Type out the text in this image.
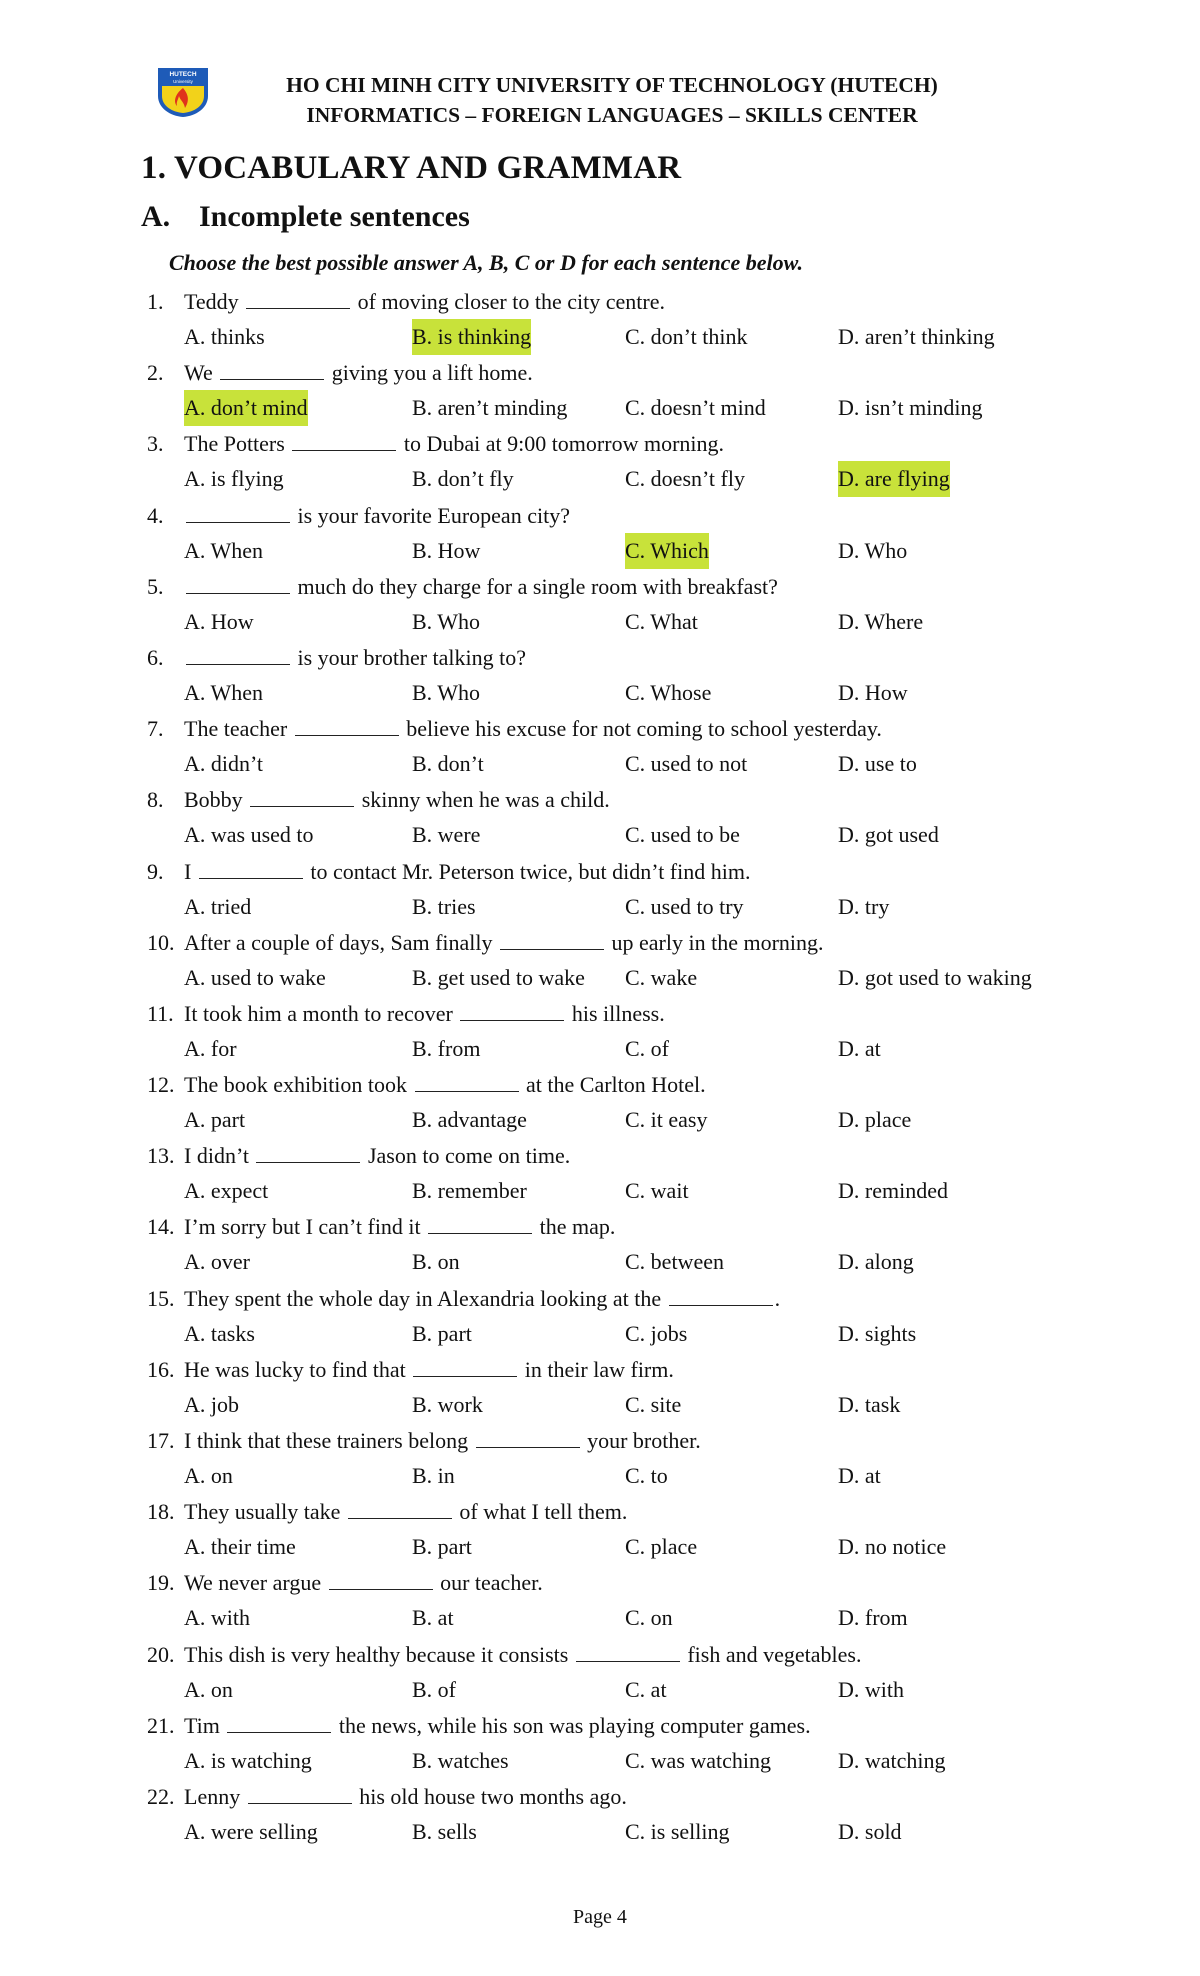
HUTECH
University	HO CHI MINH CITY UNIVERSITY OF TECHNOLOGY (HUTECH)
INFORMATICS – FOREIGN LANGUAGES – SKILLS CENTER
1. VOCABULARY AND GRAMMAR
A. Incomplete sentences
Choose the best possible answer A, B, C or D for each sentence below.
1. Teddy	of moving closer to the city centre.
A. thinks	B. is thinking	C. don’t think	D. aren’t thinking
2. We	giving you a lift home.
A. don’t mind	B. aren’t minding	C. doesn’t mind	D. isn’t minding
3. The Potters	to Dubai at 9:00 tomorrow morning.
A. is flying	B. don’t fly	C. doesn’t fly	D. are flying
4.	is your favorite European city?
A. When	B. How	C. Which	D. Who
5.	much do they charge for a single room with breakfast?
A. How	B. Who	C. What	D. Where
6.	is your brother talking to?
A. When	B. Who	C. Whose	D. How
7. The teacher	believe his excuse for not coming to school yesterday.
A. didn’t	B. don’t	C. used to not	D. use to
8. Bobby	skinny when he was a child.
A. was used to	B. were	C. used to be	D. got used
9. I	to contact Mr. Peterson twice, but didn’t find him.
A. tried	B. tries	C. used to try	D. try
10. After a couple of days, Sam finally	up early in the morning.
A. used to wake	B. get used to wake C. wake	D. got used to waking
11. It took him a month to recover	his illness.
A. for	B. from	C. of	D. at
12. The book exhibition took	at the Carlton Hotel.
A. part	B. advantage	C. it easy	D. place
13. I didn’t	Jason to come on time.
A. expect	B. remember	C. wait	D. reminded
14. I’m sorry but I can’t find it	the map.
A. over	B. on	C. between	D. along
15. They spent the whole day in Alexandria looking at the	.
A. tasks	B. part	C. jobs	D. sights
16. He was lucky to find that	in their law firm.
A. job	B. work	C. site	D. task
17. I think that these trainers belong	your brother.
A. on	B. in	C. to	D. at
18. They usually take	of what I tell them.
A. their time	B. part	C. place	D. no notice
19. We never argue	our teacher.
A. with	B. at	C. on	D. from
20. This dish is very healthy because it consists	fish and vegetables.
A. on	B. of	C. at	D. with
21. Tim	the news, while his son was playing computer games.
A. is watching	B. watches	C. was watching	D. watching
22. Lenny	his old house two months ago.
A. were selling	B. sells	C. is selling	D. sold
Page 4
